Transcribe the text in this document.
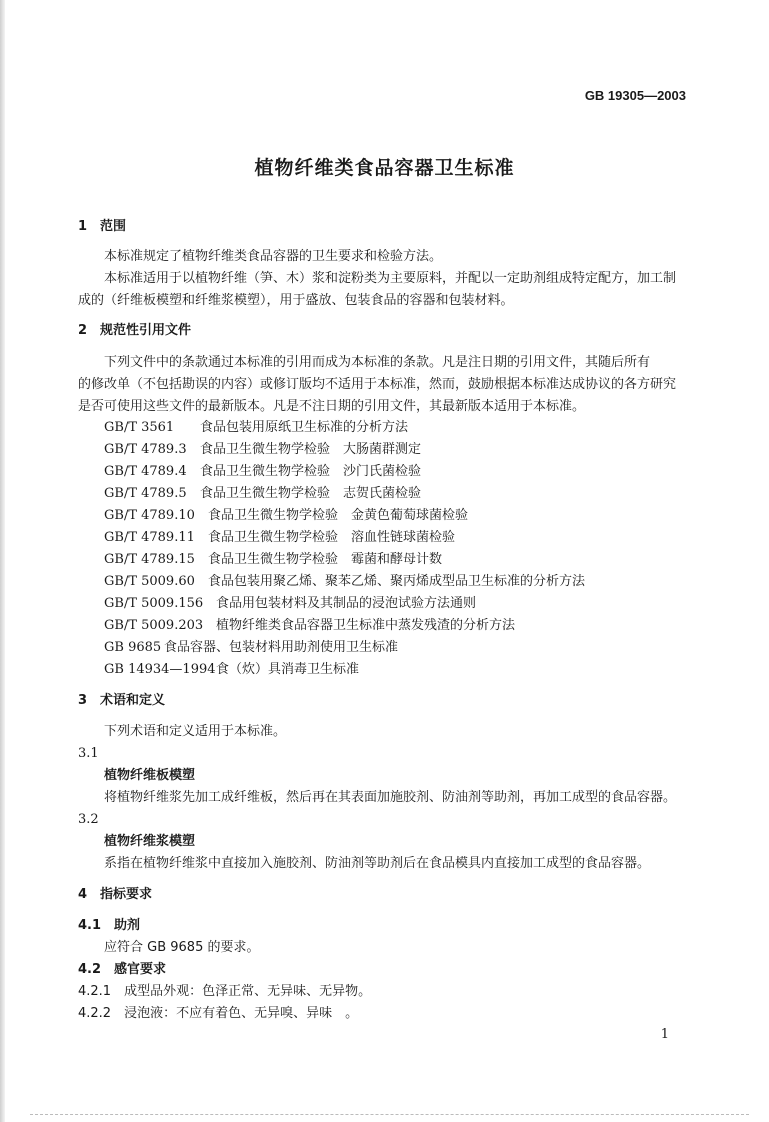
GB 19305—2003
植物纤维类食品容器卫生标准
1　范围
本标准规定了植物纤维类食品容器的卫生要求和检验方法。
本标准适用于以植物纤维（笋、木）浆和淀粉类为主要原料，并配以一定助剂组成特定配方，加工制
成的（纤维板模塑和纤维浆模塑），用于盛放、包装食品的容器和包装材料。
2　规范性引用文件
下列文件中的条款通过本标准的引用而成为本标准的条款。凡是注日期的引用文件，其随后所有
的修改单（不包括勘误的内容）或修订版均不适用于本标准，然而，鼓励根据本标准达成协议的各方研究
是否可使用这些文件的最新版本。凡是不注日期的引用文件，其最新版本适用于本标准。
GB/T 3561 食品包装用原纸卫生标准的分析方法
GB/T 4789.3 食品卫生微生物学检验　大肠菌群测定
GB/T 4789.4 食品卫生微生物学检验　沙门氏菌检验
GB/T 4789.5 食品卫生微生物学检验　志贺氏菌检验
GB/T 4789.10 食品卫生微生物学检验　金黄色葡萄球菌检验
GB/T 4789.11 食品卫生微生物学检验　溶血性链球菌检验
GB/T 4789.15 食品卫生微生物学检验　霉菌和酵母计数
GB/T 5009.60 食品包装用聚乙烯、聚苯乙烯、聚丙烯成型品卫生标准的分析方法
GB/T 5009.156 食品用包装材料及其制品的浸泡试验方法通则
GB/T 5009.203 植物纤维类食品容器卫生标准中蒸发残渣的分析方法
GB 9685 食品容器、包装材料用助剂使用卫生标准
GB 14934—1994食（炊）具消毒卫生标准
3　术语和定义
下列术语和定义适用于本标准。
3.1
植物纤维板模塑
将植物纤维浆先加工成纤维板，然后再在其表面加施胶剂、防油剂等助剂，再加工成型的食品容器。
3.2
植物纤维浆模塑
系指在植物纤维浆中直接加入施胶剂、防油剂等助剂后在食品模具内直接加工成型的食品容器。
4　指标要求
4.1　助剂
应符合 GB 9685 的要求。
4.2　感官要求
4.2.1　成型品外观：色泽正常、无异味、无异物。
4.2.2　浸泡液：不应有着色、无异嗅、异味　。
1
